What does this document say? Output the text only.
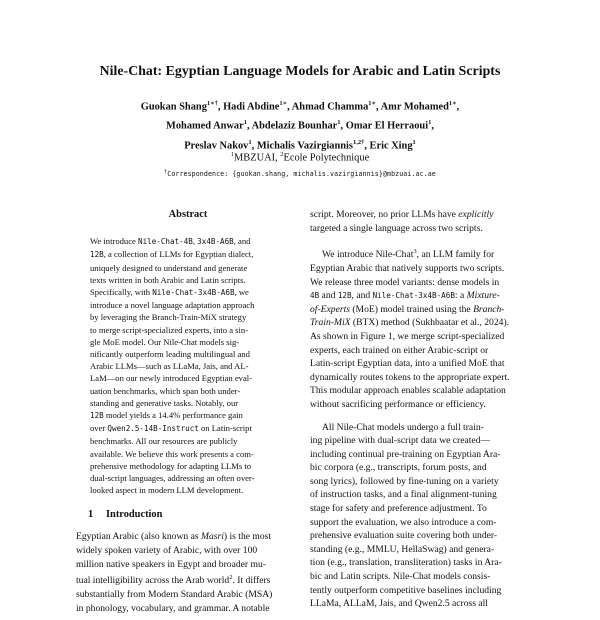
Nile-Chat: Egyptian Language Models for Arabic and Latin Scripts
Guokan Shang$^{1∗\dagger}$, Hadi Abdine$^{1∗}$, Ahmad Chamma$^{1∗}$, Amr Mohamed$^{1∗}$,
Mohamed Anwar$^1$, Abdelaziz Bounhar$^1$, Omar El Herraoui$^1$,
Preslav Nakov$^1$, Michalis Vazirgiannis$^{1,2\dagger}$, Eric Xing$^1$
$^1$MBZUAI, $^2$Ecole Polytechnique
†Correspondence: {guokan.shang, michalis.vazirgiannis}@mbzuai.ac.ae
Abstract
We introduce Nile-Chat-4B, 3x4B-A6B, and
12B, a collection of LLMs for Egyptian dialect,
uniquely designed to understand and generate
texts written in both Arabic and Latin scripts.
Specifically, with Nile-Chat-3x4B-A6B, we
introduce a novel language adaptation approach
by leveraging the Branch-Train-MiX strategy
to merge script-specialized experts, into a sin-
gle MoE model. Our Nile-Chat models sig-
nificantly outperform leading multilingual and
Arabic LLMs—such as LLaMa, Jais, and AL-
LaM—on our newly introduced Egyptian eval-
uation benchmarks, which span both under-
standing and generative tasks. Notably, our
12B model yields a 14.4% performance gain
over Qwen2.5-14B-Instruct on Latin-script
benchmarks. All our resources are publicly
available. We believe this work presents a com-
prehensive methodology for adapting LLMs to
dual-script languages, addressing an often over-
looked aspect in modern LLM development.
1 Introduction
Egyptian Arabic (also known as Masri) is the most
widely spoken variety of Arabic, with over 100
million native speakers in Egypt and broader mu-
tual intelligibility across the Arab world$^2$. It differs
substantially from Modern Standard Arabic (MSA)
in phonology, vocabulary, and grammar. A notable
script. Moreover, no prior LLMs have explicitly
targeted a single language across two scripts.
We introduce Nile-Chat$^3$, an LLM family for
Egyptian Arabic that natively supports two scripts.
We release three model variants: dense models in
4B and 12B, and Nile-Chat-3x4B-A6B: a Mixture-
of-Experts (MoE) model trained using the Branch-
Train-MiX (BTX) method (Sukhbaatar et al., 2024).
As shown in Figure 1, we merge script-specialized
experts, each trained on either Arabic-script or
Latin-script Egyptian data, into a unified MoE that
dynamically routes tokens to the appropriate expert.
This modular approach enables scalable adaptation
without sacrificing performance or efficiency.
All Nile-Chat models undergo a full train-
ing pipeline with dual-script data we created—
including continual pre-training on Egyptian Ara-
bic corpora (e.g., transcripts, forum posts, and
song lyrics), followed by fine-tuning on a variety
of instruction tasks, and a final alignment-tuning
stage for safety and preference adjustment. To
support the evaluation, we also introduce a com-
prehensive evaluation suite covering both under-
standing (e.g., MMLU, HellaSwag) and genera-
tion (e.g., translation, transliteration) tasks in Ara-
bic and Latin scripts. Nile-Chat models consis-
tently outperform competitive baselines including
LLaMa, ALLaM, Jais, and Qwen2.5 across all
